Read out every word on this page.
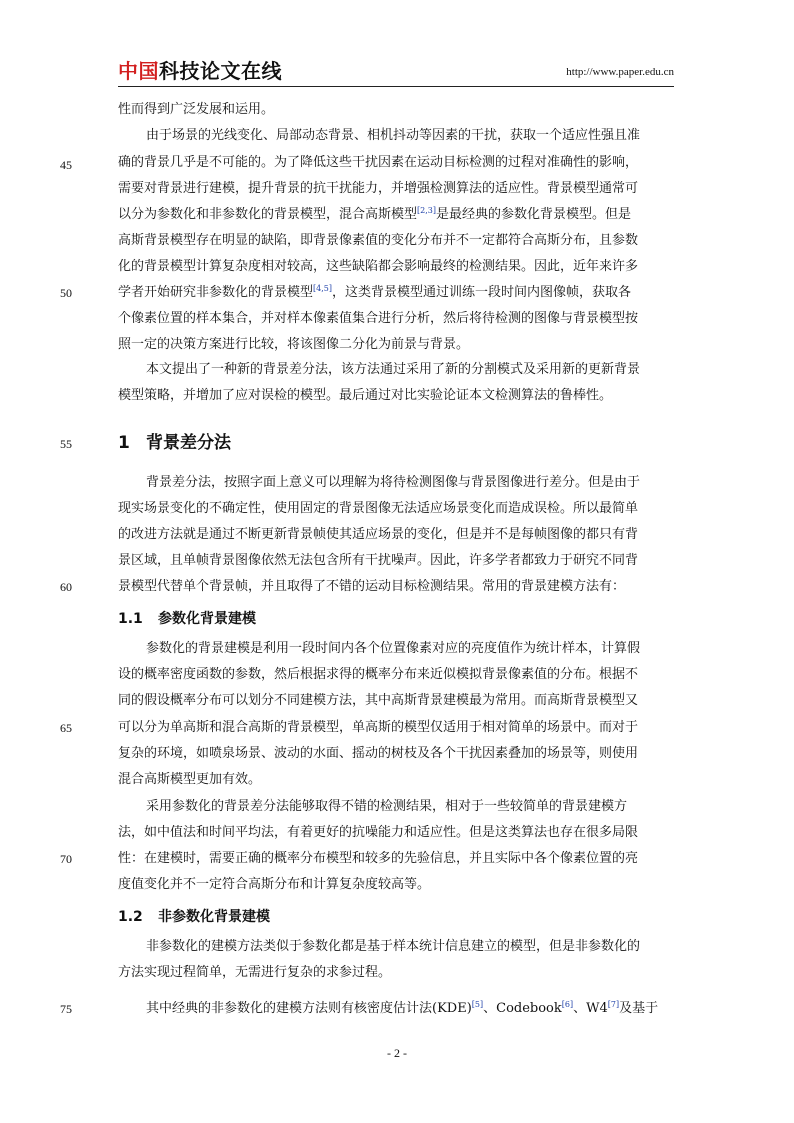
中国科技论文在线	http://www.paper.edu.cn
45
50
55
60
65
70
75
性而得到广泛发展和运用。
由于场景的光线变化、局部动态背景、相机抖动等因素的干扰，获取一个适应性强且准
确的背景几乎是不可能的。为了降低这些干扰因素在运动目标检测的过程对准确性的影响，
需要对背景进行建模，提升背景的抗干扰能力，并增强检测算法的适应性。背景模型通常可
以分为参数化和非参数化的背景模型，混合高斯模型[2,3]是最经典的参数化背景模型。但是
高斯背景模型存在明显的缺陷，即背景像素值的变化分布并不一定都符合高斯分布，且参数
化的背景模型计算复杂度相对较高，这些缺陷都会影响最终的检测结果。因此，近年来许多
学者开始研究非参数化的背景模型[4,5]，这类背景模型通过训练一段时间内图像帧，获取各
个像素位置的样本集合，并对样本像素值集合进行分析，然后将待检测的图像与背景模型按
照一定的决策方案进行比较，将该图像二分化为前景与背景。
本文提出了一种新的背景差分法，该方法通过采用了新的分割模式及采用新的更新背景
模型策略，并增加了应对误检的模型。最后通过对比实验论证本文检测算法的鲁棒性。
1 背景差分法
背景差分法，按照字面上意义可以理解为将待检测图像与背景图像进行差分。但是由于
现实场景变化的不确定性，使用固定的背景图像无法适应场景变化而造成误检。所以最简单
的改进方法就是通过不断更新背景帧使其适应场景的变化，但是并不是每帧图像的都只有背
景区域，且单帧背景图像依然无法包含所有干扰噪声。因此，许多学者都致力于研究不同背
景模型代替单个背景帧，并且取得了不错的运动目标检测结果。常用的背景建模方法有：
1.1 参数化背景建模
参数化的背景建模是利用一段时间内各个位置像素对应的亮度值作为统计样本，计算假
设的概率密度函数的参数，然后根据求得的概率分布来近似模拟背景像素值的分布。根据不
同的假设概率分布可以划分不同建模方法，其中高斯背景建模最为常用。而高斯背景模型又
可以分为单高斯和混合高斯的背景模型，单高斯的模型仅适用于相对简单的场景中。而对于
复杂的环境，如喷泉场景、波动的水面、摇动的树枝及各个干扰因素叠加的场景等，则使用
混合高斯模型更加有效。
采用参数化的背景差分法能够取得不错的检测结果，相对于一些较简单的背景建模方
法，如中值法和时间平均法，有着更好的抗噪能力和适应性。但是这类算法也存在很多局限
性：在建模时，需要正确的概率分布模型和较多的先验信息，并且实际中各个像素位置的亮
度值变化并不一定符合高斯分布和计算复杂度较高等。
1.2 非参数化背景建模
非参数化的建模方法类似于参数化都是基于样本统计信息建立的模型，但是非参数化的
方法实现过程简单，无需进行复杂的求参过程。
其中经典的非参数化的建模方法则有核密度估计法(KDE)[5]、Codebook[6]、W4[7]及基于
- 2 -
